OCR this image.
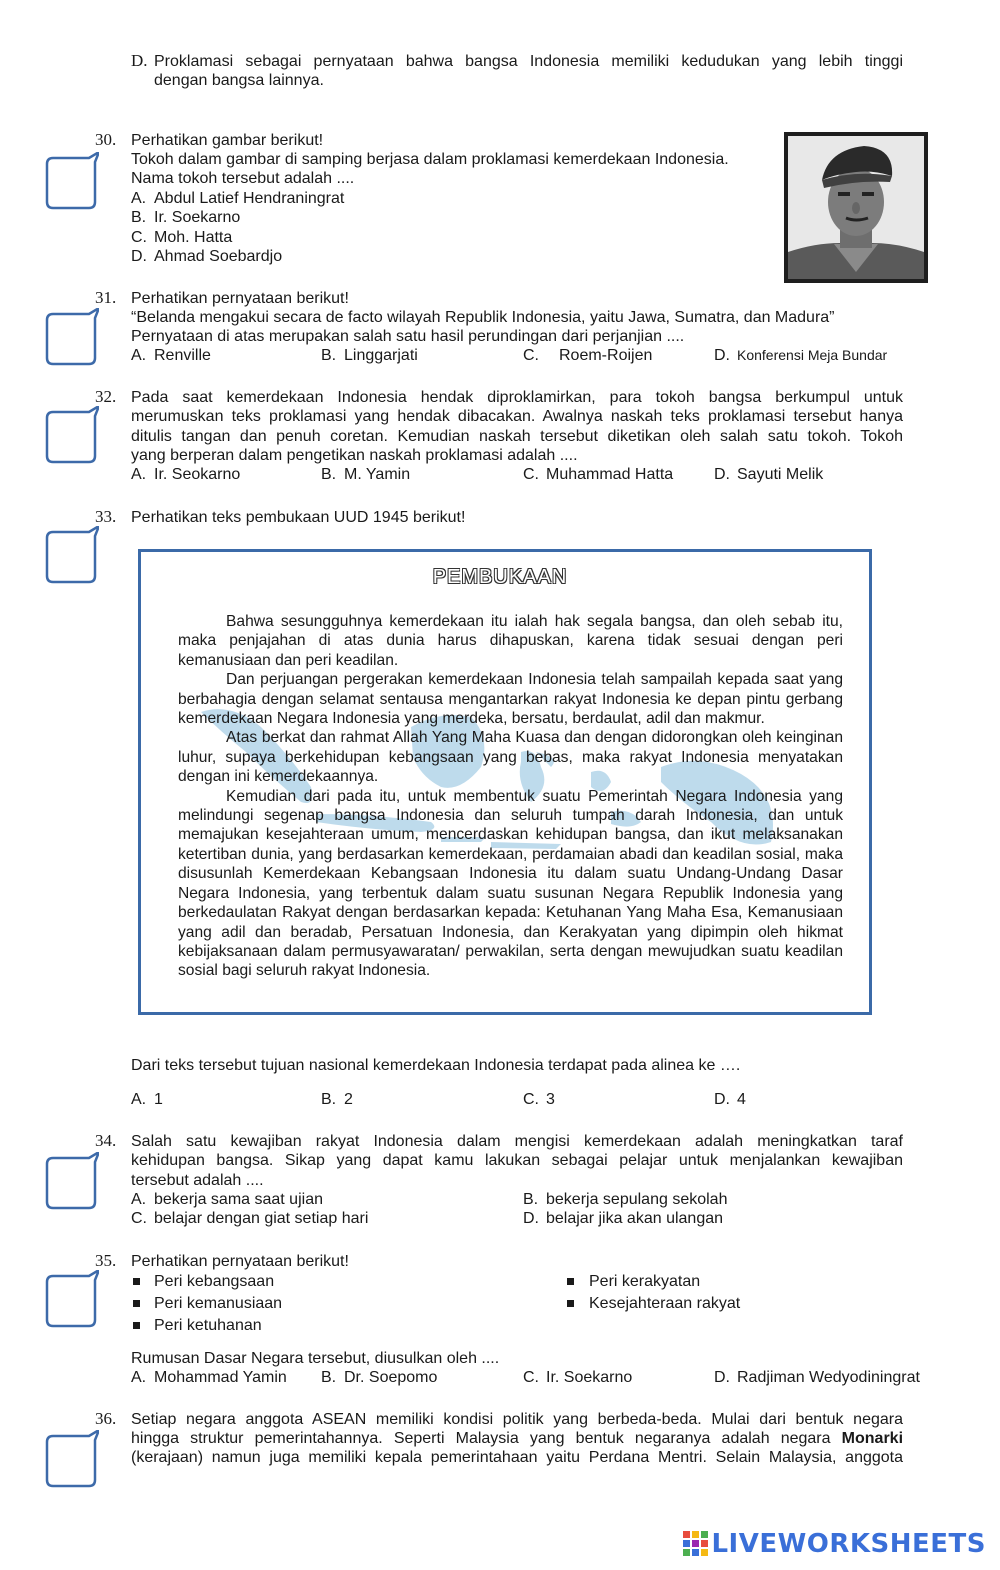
D. Proklamasi sebagai pernyataan bahwa bangsa Indonesia memiliki kedudukan yang lebih tinggi
dengan bangsa lainnya.
30. Perhatikan gambar berikut!
Tokoh dalam gambar di samping berjasa dalam proklamasi kemerdekaan Indonesia.
Nama tokoh tersebut adalah ....
A. Abdul Latief Hendraningrat
B. Ir. Soekarno
C. Moh. Hatta
D. Ahmad Soebardjo
31. Perhatikan pernyataan berikut!
“Belanda mengakui secara de facto wilayah Republik Indonesia, yaitu Jawa, Sumatra, dan Madura”
Pernyataan di atas merupakan salah satu hasil perundingan dari perjanjian ....
A. Renville	B. Linggarjati	C. Roem-Roijen	D. Konferensi Meja Bundar
32. Pada saat kemerdekaan Indonesia hendak diproklamirkan, para tokoh bangsa berkumpul untuk
merumuskan teks proklamasi yang hendak dibacakan. Awalnya naskah teks proklamasi tersebut hanya
ditulis tangan dan penuh coretan. Kemudian naskah tersebut diketikan oleh salah satu tokoh. Tokoh
yang berperan dalam pengetikan naskah proklamasi adalah ....
A. Ir. Seokarno	B. M. Yamin	C. Muhammad Hatta	D. Sayuti Melik
33. Perhatikan teks pembukaan UUD 1945 berikut!
PEMBUKAAN

Bahwa sesungguhnya kemerdekaan itu ialah hak segala bangsa, dan oleh sebab itu, maka penjajahan di atas dunia harus dihapuskan, karena tidak sesuai dengan peri kemanusiaan dan peri keadilan.

Dan perjuangan pergerakan kemerdekaan Indonesia telah sampailah kepada saat yang berbahagia dengan selamat sentausa mengantarkan rakyat Indonesia ke depan pintu gerbang kemerdekaan Negara Indonesia yang merdeka, bersatu, berdaulat, adil dan makmur.

Atas berkat dan rahmat Allah Yang Maha Kuasa dan dengan didorongkan oleh keinginan luhur, supaya berkehidupan kebangsaan yang bebas, maka rakyat Indonesia menyatakan dengan ini kemerdekaannya.

Kemudian dari pada itu, untuk membentuk suatu Pemerintah Negara Indonesia yang melindungi segenap bangsa Indonesia dan seluruh tumpah darah Indonesia, dan untuk memajukan kesejahteraan umum, mencerdaskan kehidupan bangsa, dan ikut melaksanakan ketertiban dunia, yang berdasarkan kemerdekaan, perdamaian abadi dan keadilan sosial, maka disusunlah Kemerdekaan Kebangsaan Indonesia itu dalam suatu Undang-Undang Dasar Negara Indonesia, yang terbentuk dalam suatu susunan Negara Republik Indonesia yang berkedaulatan Rakyat dengan berdasarkan kepada: Ketuhanan Yang Maha Esa, Kemanusiaan yang adil dan beradab, Persatuan Indonesia, dan Kerakyatan yang dipimpin oleh hikmat kebijaksanaan dalam permusyawaratan/ perwakilan, serta dengan mewujudkan suatu keadilan sosial bagi seluruh rakyat Indonesia.

Dari teks tersebut tujuan nasional kemerdekaan Indonesia terdapat pada alinea ke ….
A. 1	B. 2	C. 3	D. 4
34. Salah satu kewajiban rakyat Indonesia dalam mengisi kemerdekaan adalah meningkatkan taraf
kehidupan bangsa. Sikap yang dapat kamu lakukan sebagai pelajar untuk menjalankan kewajiban
tersebut adalah ....
A. bekerja sama saat ujian	B. bekerja sepulang sekolah
C. belajar dengan giat setiap hari	D. belajar jika akan ulangan
35. Perhatikan pernyataan berikut!
Peri kebangsaan
Peri kemanusiaan
Peri ketuhanan
Peri kerakyatan
Kesejahteraan rakyat
Rumusan Dasar Negara tersebut, diusulkan oleh ....
A. Mohammad Yamin B. Dr. Soepomo	C. Ir. Soekarno	D. Radjiman Wedyodiningrat
36. Setiap negara anggota ASEAN memiliki kondisi politik yang berbeda-beda. Mulai dari bentuk negara
hingga struktur pemerintahannya. Seperti Malaysia yang bentuk negaranya adalah negara Monarki
(kerajaan) namun juga memiliki kepala pemerintahaan yaitu Perdana Mentri. Selain Malaysia, anggota
LIVEWORKSHEETS
